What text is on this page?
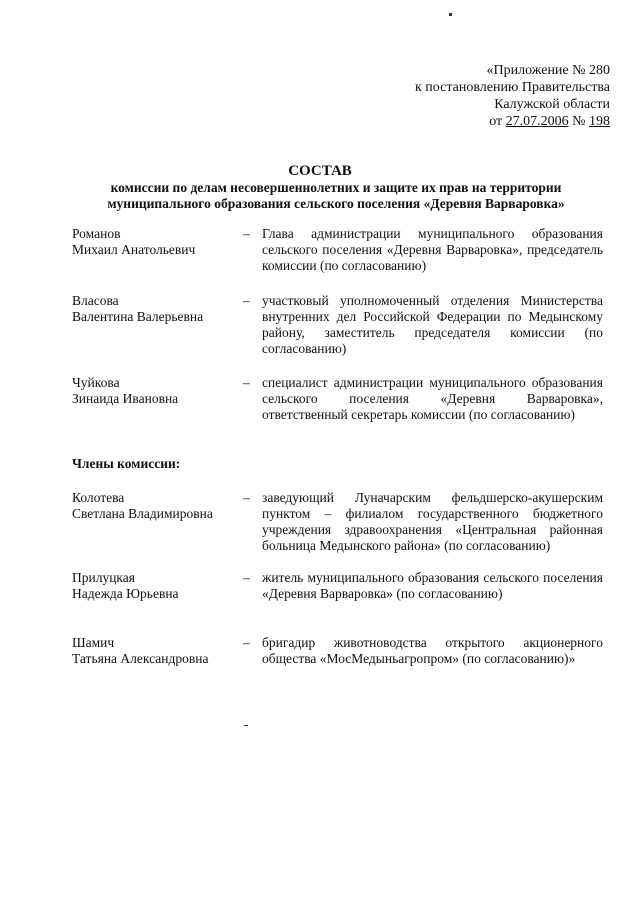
«Приложение № 280
к постановлению Правительства
Калужской области
от 27.07.2006 № 198
СОСТАВ
комиссии по делам несовершеннолетних и защите их прав на территории муниципального образования сельского поселения «Деревня Варваровка»
Романов
Михаил Анатольевич
– Глава администрации муниципального образования сельского поселения «Деревня Варваровка», председатель комиссии (по согласованию)
Власова
Валентина Валерьевна
– участковый уполномоченный отделения Министерства внутренних дел Российской Федерации по Медынскому району, заместитель председателя комиссии (по согласованию)
Чуйкова
Зинаида Ивановна
– специалист администрации муниципального образования сельского поселения «Деревня Варваровка», ответственный секретарь комиссии (по согласованию)
Члены комиссии:
Колотева
Светлана Владимировна
– заведующий Луначарским фельдшерско-акушерским пунктом – филиалом государственного бюджетного учреждения здравоохранения «Центральная районная больница Медынского района» (по согласованию)
Прилуцкая
Надежда Юрьевна
– житель муниципального образования сельского поселения «Деревня Варваровка» (по согласованию)
Шамич
Татьяна Александровна
– бригадир животноводства открытого акционерного общества «МосМедыньагропром» (по согласованию)»
